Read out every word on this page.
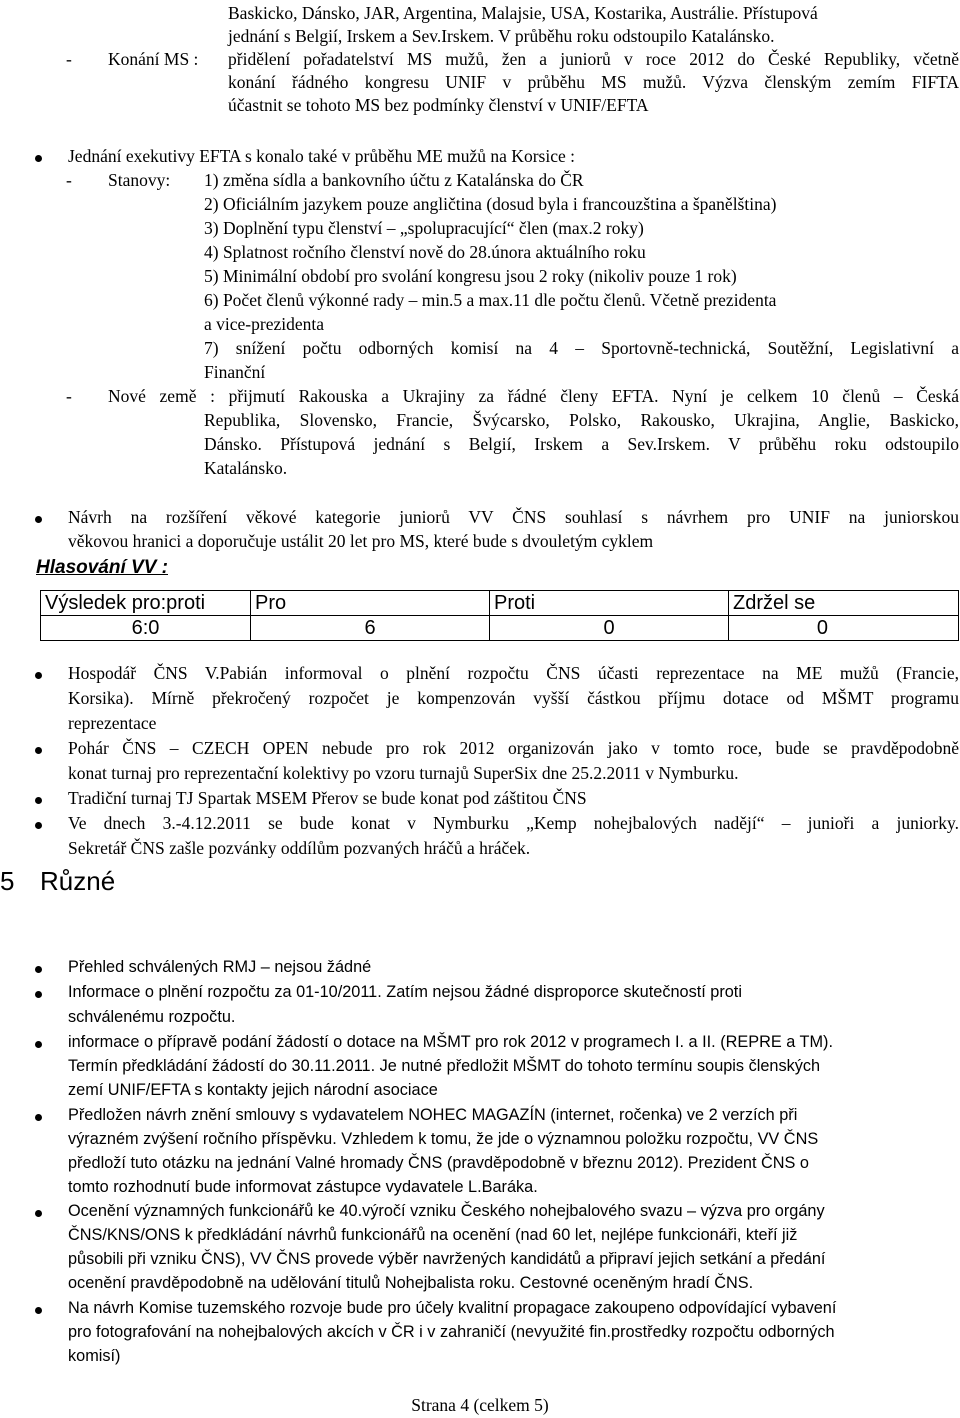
Baskicko, Dánsko, JAR, Argentina, Malajsie, USA, Kostarika, Austrálie. Přístupová
jednání s Belgií, Irskem a Sev.Irskem. V průběhu roku odstoupilo Katalánsko.
- Konání MS : přidělení pořadatelství MS mužů, žen a juniorů v roce 2012 do České Republiky, včetně
konání řádného kongresu UNIF v průběhu MS mužů. Výzva členským zemím FIFTA
účastnit se tohoto MS bez podmínky členství v UNIF/EFTA
Jednání exekutivy EFTA s konalo také v průběhu ME mužů na Korsice :
- Stanovy: 1) změna sídla a bankovního účtu z Katalánska do ČR
2) Oficiálním jazykem pouze angličtina (dosud byla i francouzština a španělština)
3) Doplnění typu členství – „spolupracující“ člen (max.2 roky)
4) Splatnost ročního členství nově do 28.února aktuálního roku
5) Minimální období pro svolání kongresu jsou 2 roky (nikoliv pouze 1 rok)
6) Počet členů výkonné rady – min.5 a max.11 dle počtu členů. Včetně prezidenta
a vice-prezidenta
7) snížení počtu odborných komisí na 4 – Sportovně-technická, Soutěžní, Legislativní a
Finanční
- Nové země : přijmutí Rakouska a Ukrajiny za řádné členy EFTA. Nyní je celkem 10 členů – Česká
Republika, Slovensko, Francie, Švýcarsko, Polsko, Rakousko, Ukrajina, Anglie, Baskicko,
Dánsko. Přístupová jednání s Belgií, Irskem a Sev.Irskem. V průběhu roku odstoupilo
Katalánsko.
Návrh na rozšíření věkové kategorie juniorů VV ČNS souhlasí s návrhem pro UNIF na juniorskou
věkovou hranici a doporučuje ustálit 20 let pro MS, které bude s dvouletým cyklem
Hlasování VV :
Výsledek pro:proti	Pro	Proti	Zdržel se
6:0	6	0	0
Hospodář ČNS V.Pabián informoval o plnění rozpočtu ČNS účasti reprezentace na ME mužů (Francie,
Korsika). Mírně překročený rozpočet je kompenzován vyšší částkou příjmu dotace od MŠMT programu
reprezentace
Pohár ČNS – CZECH OPEN nebude pro rok 2012 organizován jako v tomto roce, bude se pravděpodobně
konat turnaj pro reprezentační kolektivy po vzoru turnajů SuperSix dne 25.2.2011 v Nymburku.
Tradiční turnaj TJ Spartak MSEM Přerov se bude konat pod záštitou ČNS
Ve dnech 3.-4.12.2011 se bude konat v Nymburku „Kemp nohejbalových nadějí“ – junioři a juniorky.
Sekretář ČNS zašle pozvánky oddílům pozvaných hráčů a hráček.
5 Různé
Přehled schválených RMJ – nejsou žádné
Informace o plnění rozpočtu za 01-10/2011. Zatím nejsou žádné disproporce skutečností proti
schválenému rozpočtu.
informace o přípravě podání žádostí o dotace na MŠMT pro rok 2012 v programech I. a II. (REPRE a TM).
Termín předkládání žádostí do 30.11.2011. Je nutné předložit MŠMT do tohoto termínu soupis členských
zemí UNIF/EFTA s kontakty jejich národní asociace
Předložen návrh znění smlouvy s vydavatelem NOHEC MAGAZÍN (internet, ročenka) ve 2 verzích při
výrazném zvýšení ročního příspěvku. Vzhledem k tomu, že jde o významnou položku rozpočtu, VV ČNS
předloží tuto otázku na jednání Valné hromady ČNS (pravděpodobně v březnu 2012). Prezident ČNS o
tomto rozhodnutí bude informovat zástupce vydavatele L.Baráka.
Ocenění významných funkcionářů ke 40.výročí vzniku Českého nohejbalového svazu – výzva pro orgány
ČNS/KNS/ONS k předkládání návrhů funkcionářů na ocenění (nad 60 let, nejlépe funkcionáři, kteří již
působili při vzniku ČNS), VV ČNS provede výběr navržených kandidátů a připraví jejich setkání a předání
ocenění pravděpodobně na udělování titulů Nohejbalista roku. Cestovné oceněným hradí ČNS.
Na návrh Komise tuzemského rozvoje bude pro účely kvalitní propagace zakoupeno odpovídající vybavení
pro fotografování na nohejbalových akcích v ČR i v zahraničí (nevyužité fin.prostředky rozpočtu odborných
komisí)
Strana 4 (celkem 5)
